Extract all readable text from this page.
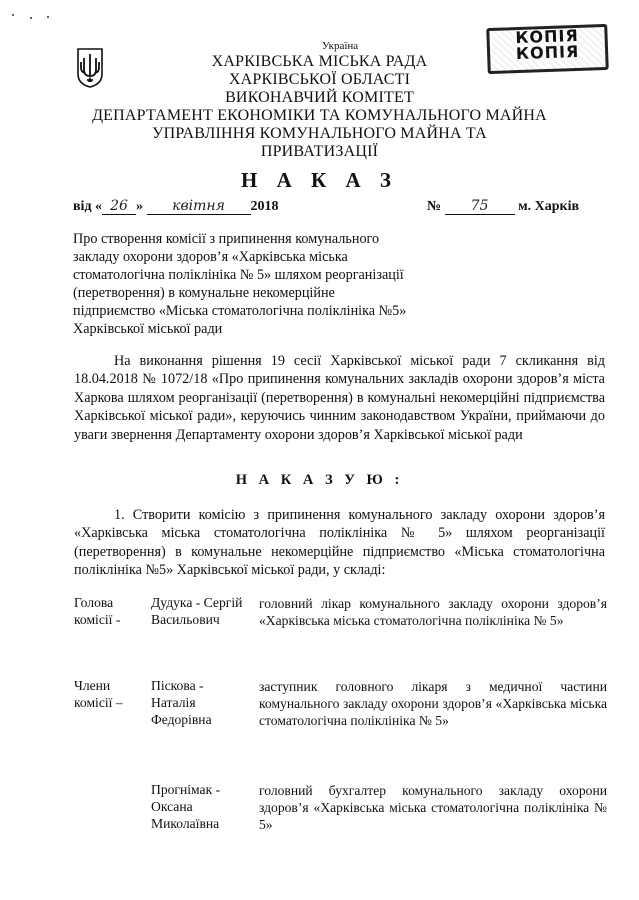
Україна
ХАРКІВСЬКА МІСЬКА РАДА
ХАРКІВСЬКОЇ ОБЛАСТІ
ВИКОНАВЧИЙ КОМІТЕТ
ДЕПАРТАМЕНТ ЕКОНОМІКИ ТА КОМУНАЛЬНОГО МАЙНА
УПРАВЛІННЯ КОМУНАЛЬНОГО МАЙНА ТА
ПРИВАТИЗАЦІЇ
КОПІЯ
КОПІЯ
Н А К А З
від « 26 » квітня 2018	№ 75 м. Харків
Про створення комісії з припинення комунального закладу охорони здоров’я «Харківська міська стоматологічна поліклініка № 5» шляхом реорганізації (перетворення) в комунальне некомерційне підприємство «Міська стоматологічна поліклініка №5» Харківської міської ради
На виконання рішення 19 сесії Харківської міської ради 7 скликання від 18.04.2018 № 1072/18 «Про припинення комунальних закладів охорони здоров’я міста Харкова шляхом реорганізації (перетворення) в комунальні некомерційні підприємства Харківської міської ради», керуючись чинним законодавством України, приймаючи до уваги звернення Департаменту охорони здоров’я Харківської міської ради
Н А К А З У Ю :
1. Створити комісію з припинення комунального закладу охорони здоров’я «Харківська міська стоматологічна поліклініка № 5» шляхом реорганізації (перетворення) в комунальне некомерційне підприємство «Міська стоматологічна поліклініка №5» Харківської міської ради, у складі:
Голова комісії -
Дудука - Сергій Васильович
головний лікар комунального закладу охорони здоров’я «Харківська міська стоматологічна поліклініка № 5»
Члени комісії –
Піскова - Наталія Федорівна
заступник головного лікаря з медичної частини комунального закладу охорони здоров’я «Харківська міська стоматологічна поліклініка № 5»
Прогнімак - Оксана Миколаївна
головний бухгалтер комунального закладу охорони здоров’я «Харківська міська стоматологічна поліклініка № 5»
